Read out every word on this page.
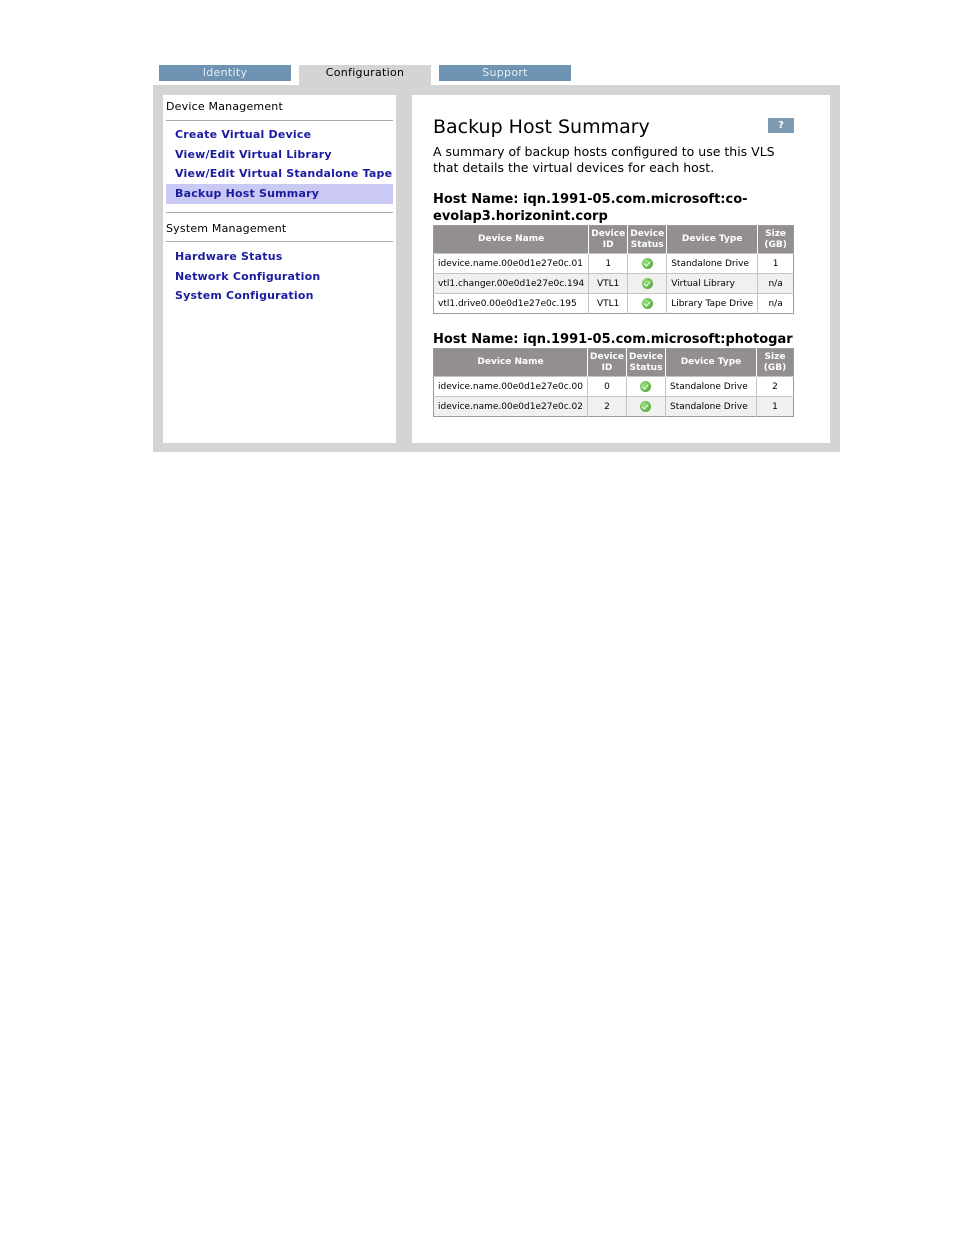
Identity	Configuration	Support
Device Management
Create Virtual Device
View/Edit Virtual Library
View/Edit Virtual Standalone Tape
Backup Host Summary
System Management
Hardware Status
Network Configuration
System Configuration
Backup Host Summary	?
A summary of backup hosts configured to use this VLS that details the virtual devices for each host.
Host Name: iqn.1991-05.com.microsoft:co-evolap3.horizonint.corp
Device Name	Device ID	Device Status	Device Type	Size (GB)
idevice.name.00e0d1e27e0c.01	1		Standalone Drive	1
vtl1.changer.00e0d1e27e0c.194	VTL1		Virtual Library	n/a
vtl1.drive0.00e0d1e27e0c.195	VTL1		Library Tape Drive	n/a
Host Name: iqn.1991-05.com.microsoft:photogar
Device Name	Device ID	Device Status	Device Type	Size (GB)
idevice.name.00e0d1e27e0c.00	0		Standalone Drive	2
idevice.name.00e0d1e27e0c.02	2		Standalone Drive	1
